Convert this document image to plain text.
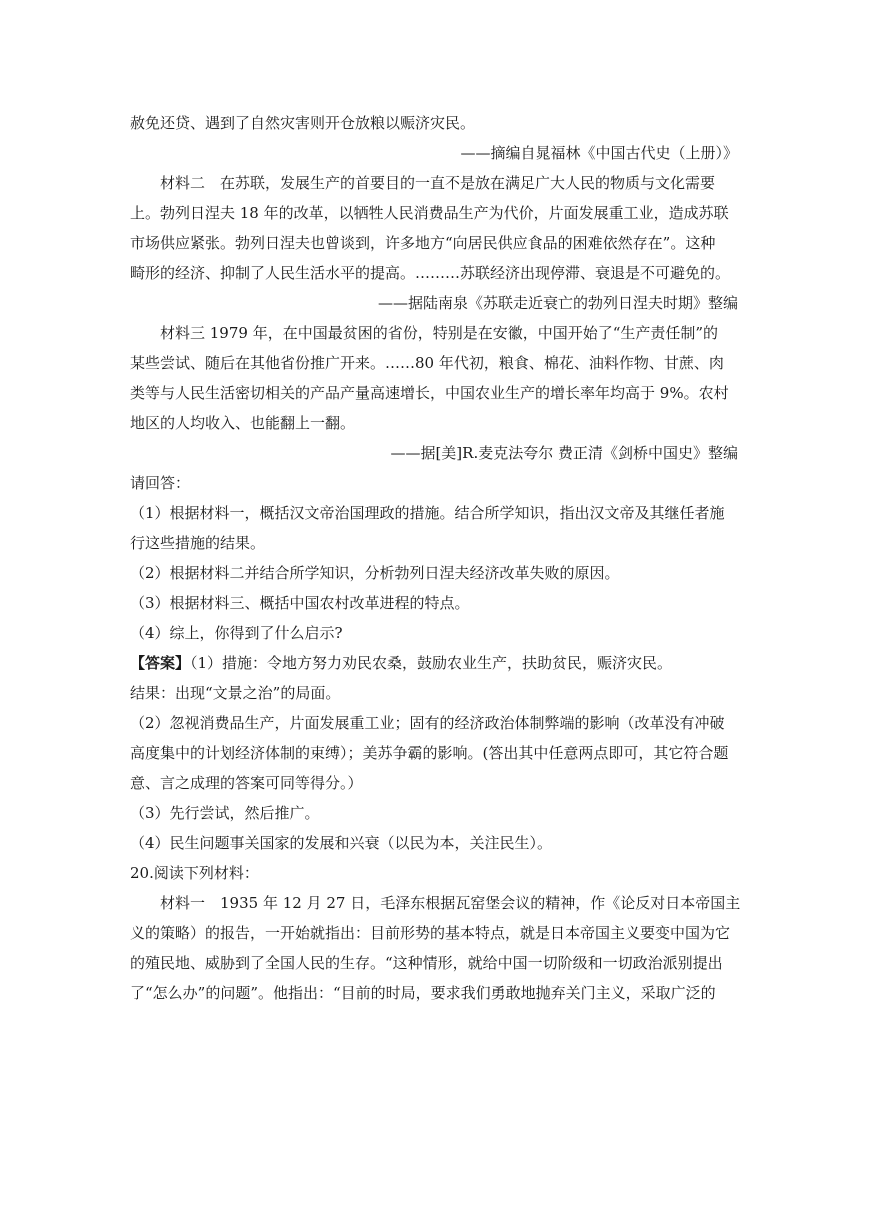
赦免还贷、遇到了自然灾害则开仓放粮以赈济灾民。
——摘编自晁福林《中国古代史（上册）》
材料二　在苏联，发展生产的首要目的一直不是放在满足广大人民的物质与文化需要
上。勃列日涅夫 18 年的改革，以牺牲人民消费品生产为代价，片面发展重工业，造成苏联
市场供应紧张。勃列日涅夫也曾谈到，许多地方“向居民供应食品的困难依然存在”。这种
畸形的经济、抑制了人民生活水平的提高。………苏联经济出现停滞、衰退是不可避免的。
——据陆南泉《苏联走近衰亡的勃列日涅夫时期》整编
材料三 1979 年，在中国最贫困的省份，特别是在安徽，中国开始了“生产责任制”的
某些尝试、随后在其他省份推广开来。……80 年代初，粮食、棉花、油料作物、甘蔗、肉
类等与人民生活密切相关的产品产量高速增长，中国农业生产的增长率年均高于 9%。农村
地区的人均收入、也能翻上一翻。
——据[美]R.麦克法夸尔 费正清《剑桥中国史》整编
请回答：
（1）根据材料一，概括汉文帝治国理政的措施。结合所学知识，指出汉文帝及其继任者施
行这些措施的结果。
（2）根据材料二并结合所学知识，分析勃列日涅夫经济改革失败的原因。
（3）根据材料三、概括中国农村改革进程的特点。
（4）综上，你得到了什么启示?
【答案】（1）措施：令地方努力劝民农桑，鼓励农业生产，扶助贫民，赈济灾民。
结果：出现“文景之治”的局面。
（2）忽视消费品生产，片面发展重工业；固有的经济政治体制弊端的影响（改革没有冲破
高度集中的计划经济体制的束缚）；美苏争霸的影响。(答出其中任意两点即可，其它符合题
意、言之成理的答案可同等得分。）
（3）先行尝试，然后推广。
（4）民生问题事关国家的发展和兴衰（以民为本，关注民生）。
20.阅读下列材料：
材料一　1935 年 12 月 27 日，毛泽东根据瓦窑堡会议的精神，作《论反对日本帝国主
义的策略）的报告，一开始就指出：目前形势的基本特点，就是日本帝国主义要变中国为它
的殖民地、威胁到了全国人民的生存。“这种情形，就给中国一切阶级和一切政治派别提出
了“怎么办”的问题”。他指出：“目前的时局，要求我们勇敢地抛弃关门主义，采取广泛的
